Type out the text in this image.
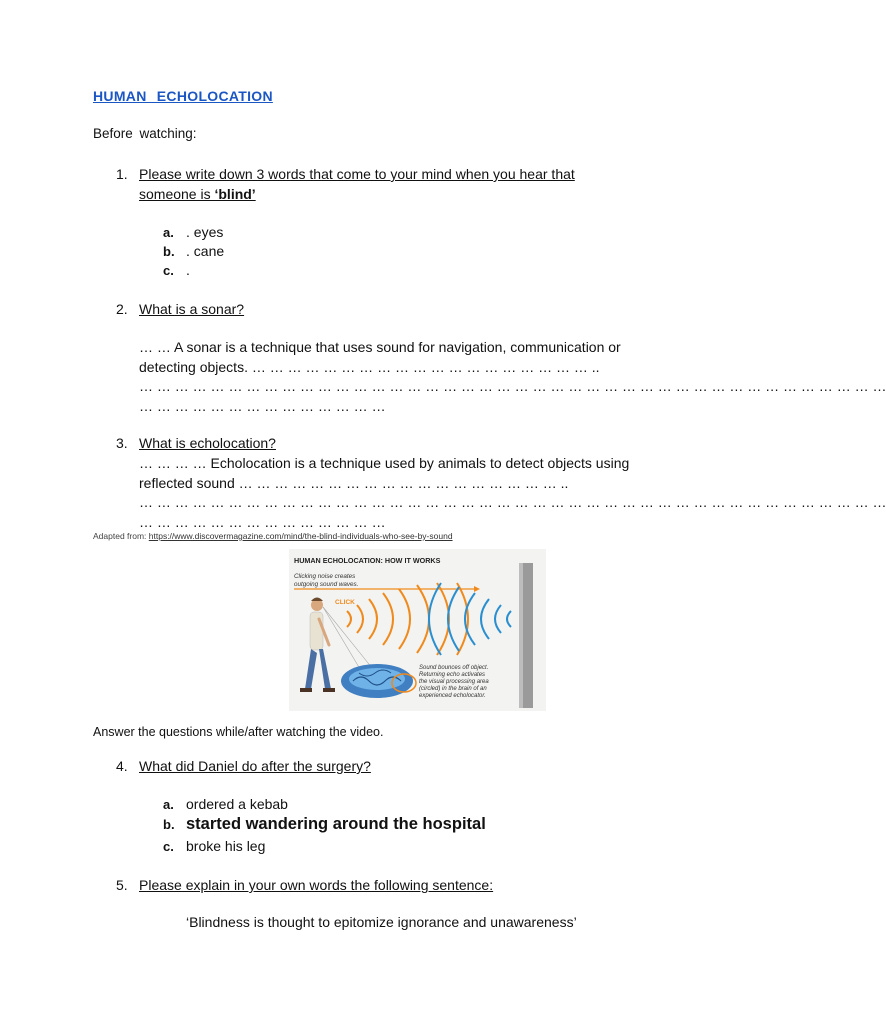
HUMAN ECHOLOCATION
Before watching:
1. Please write down 3 words that come to your mind when you hear that
someone is ‘blind’
a. . eyes
b. . cane
c. .
2. What is a sonar?
… … A sonar is a technique that uses sound for navigation, communication or
detecting objects. … … … … … … … … … … … … … … … … … … … ..
… … … … … … … … … … … … … … … … … … … … … … … … … … … … … … … … … … … … … … … … … …
… … … … … … … … … … … … … …
3. What is echolocation?
… … … … Echolocation is a technique used by animals to detect objects using
reflected sound … … … … … … … … … … … … … … … … … … ..
… … … … … … … … … … … … … … … … … … … … … … … … … … … … … … … … … … … … … … … … … …
… … … … … … … … … … … … … …
Adapted from: https://www.discovermagazine.com/mind/the-blind-individuals-who-see-by-sound
HUMAN ECHOLOCATION: HOW IT WORKS
Clicking noise creates
outgoing sound waves.
CLICK
Sound bounces off object.
Returning echo activates
the visual processing area
(circled) in the brain of an
experienced echolocator.
Answer the questions while/after watching the video.
4. What did Daniel do after the surgery?
a. ordered a kebab
b. started wandering around the hospital
c. broke his leg
5. Please explain in your own words the following sentence:
‘Blindness is thought to epitomize ignorance and unawareness’
